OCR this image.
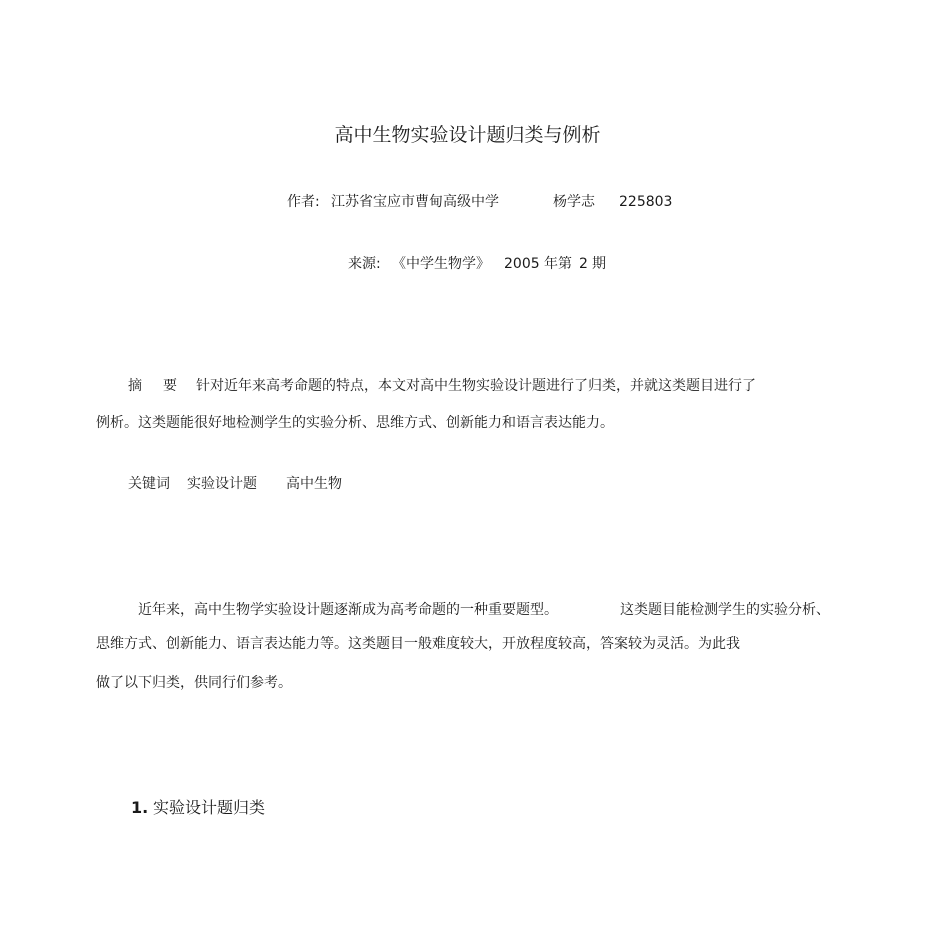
高中生物实验设计题归类与例析
作者: 江苏省宝应市曹甸高级中学	杨学志 225803
来源: 《中学生物学》 2005 年第 2 期
摘 要 针对近年来高考命题的特点，本文对高中生物实验设计题进行了归类，并就这类题目进行了
例析。这类题能很好地检测学生的实验分析、思维方式、创新能力和语言表达能力。
关键词 实验设计题 高中生物
近年来，高中生物学实验设计题逐渐成为高考命题的一种重要题型。	这类题目能检测学生的实验分析、
思维方式、创新能力、语言表达能力等。这类题目一般难度较大，开放程度较高，答案较为灵活。为此我
做了以下归类，供同行们参考。
1. 实验设计题归类
